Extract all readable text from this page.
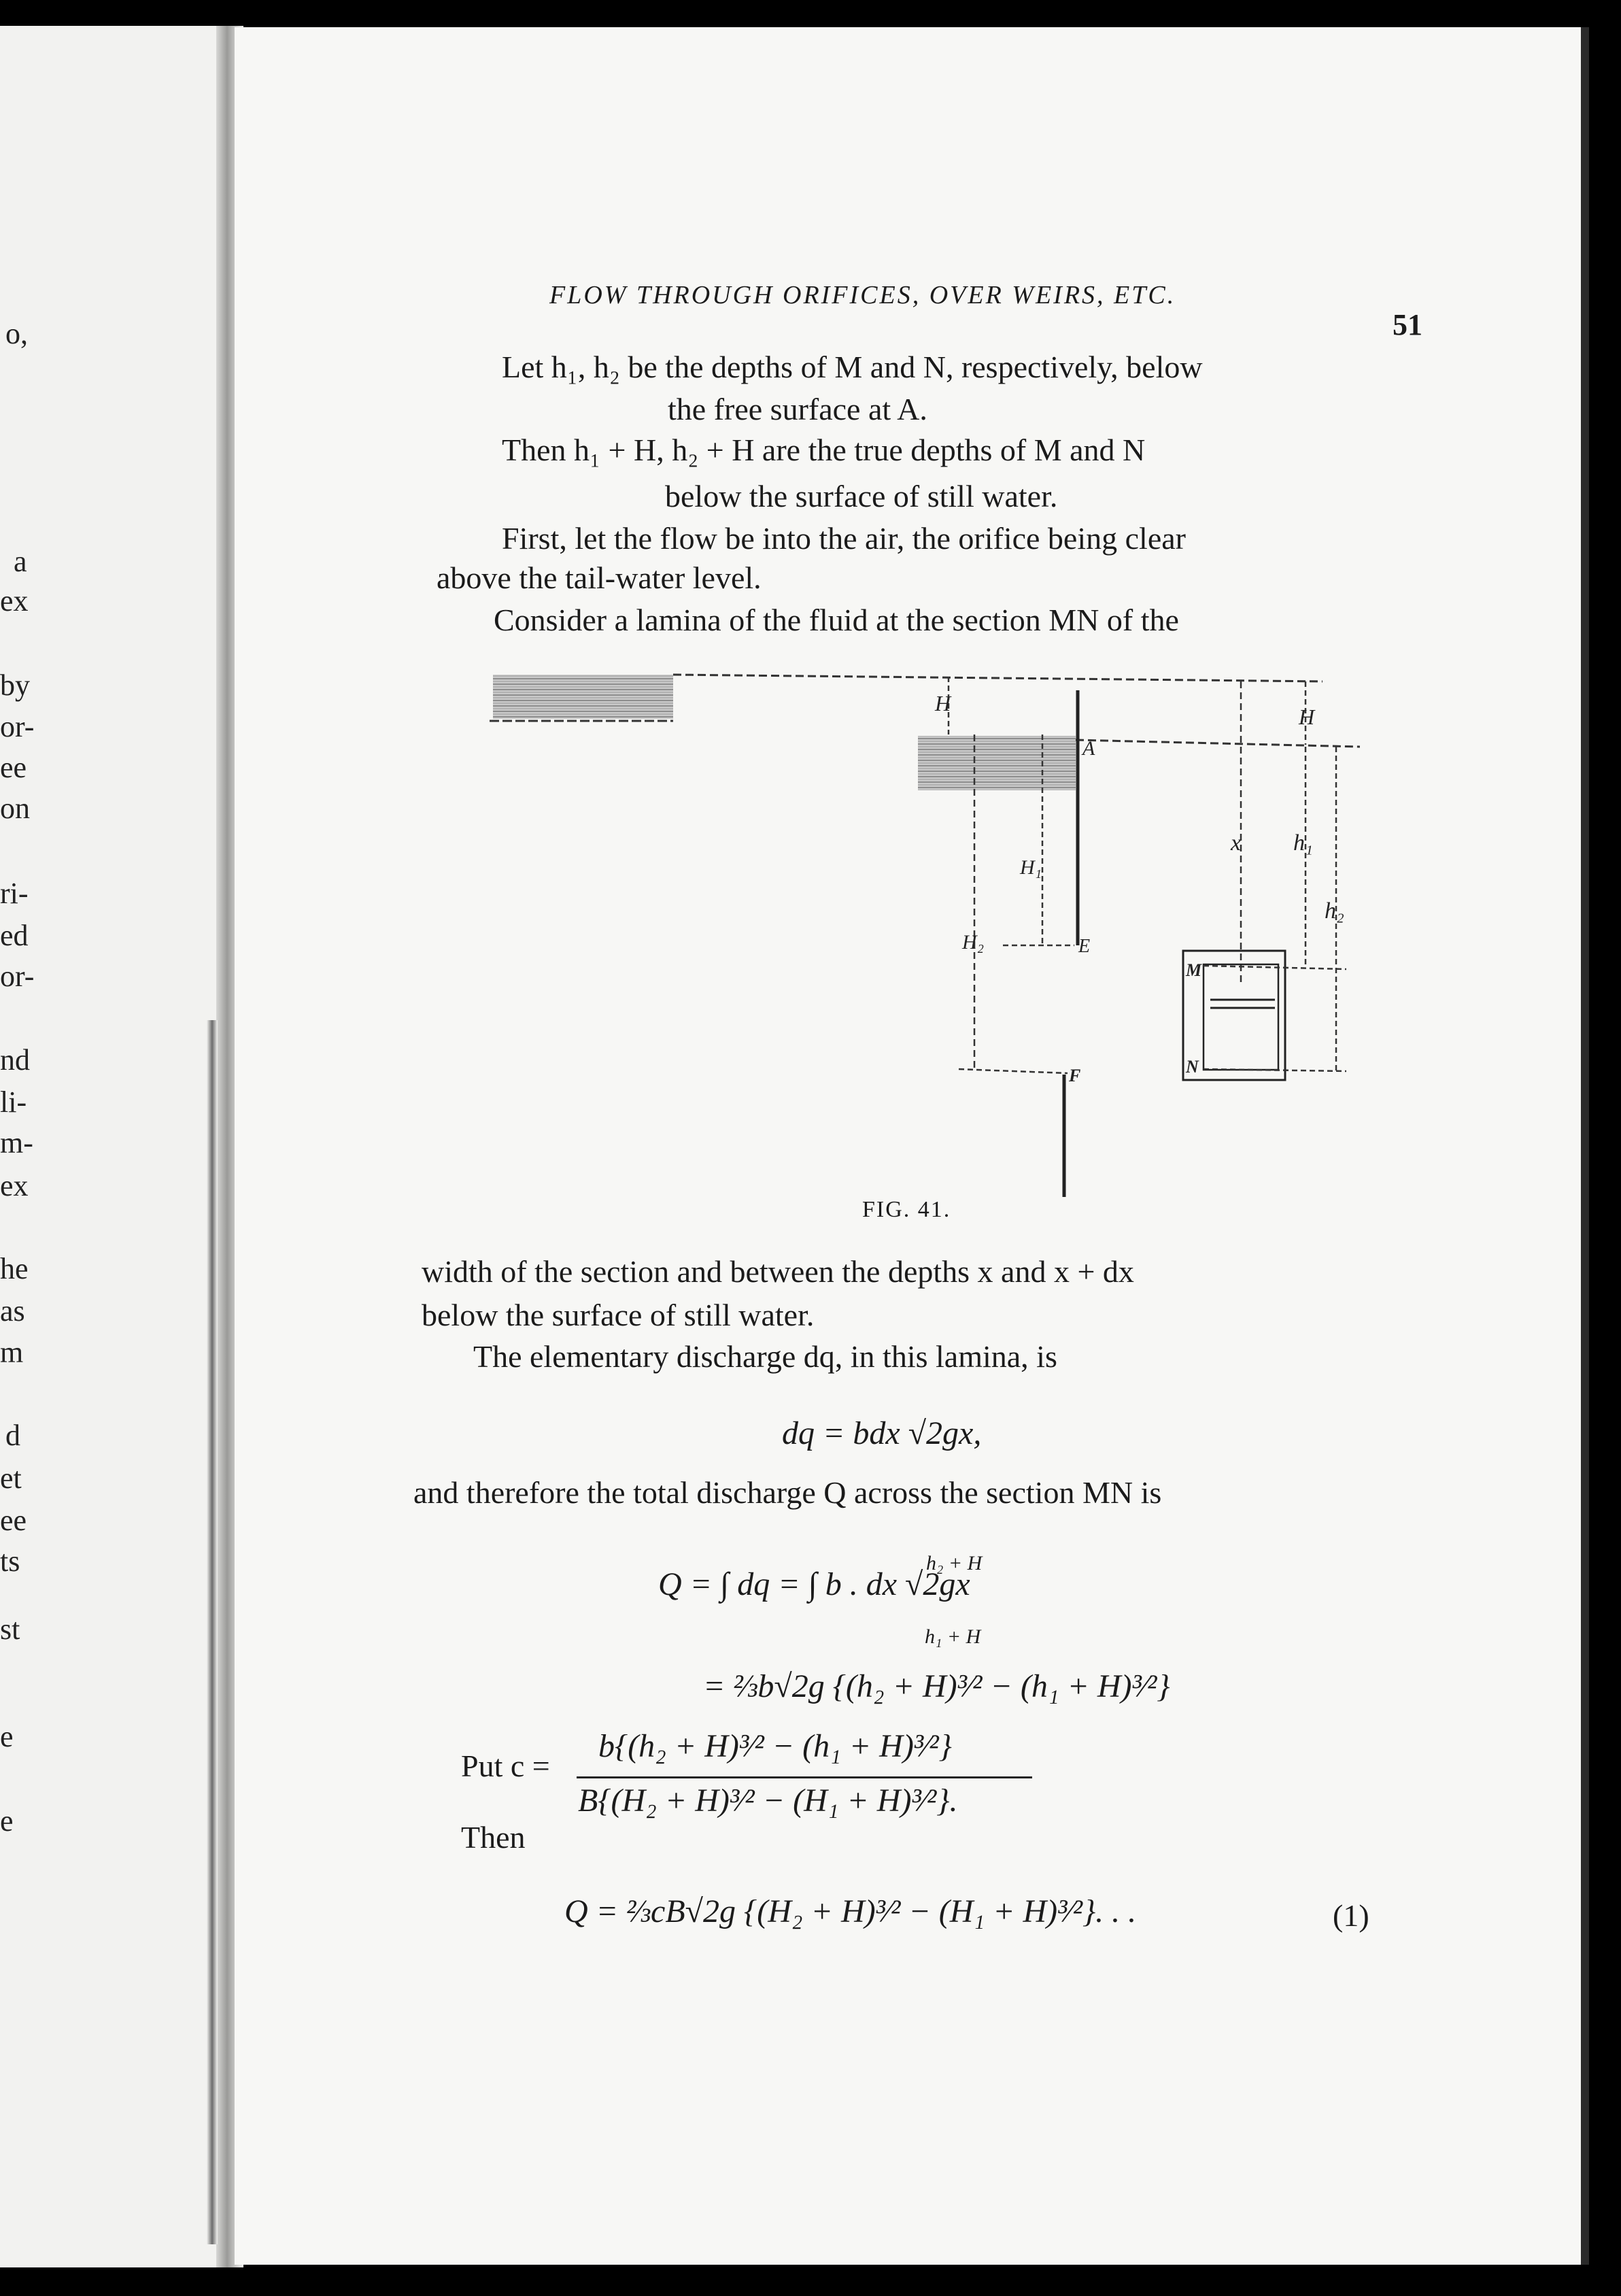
o,
a
ex
by
or-
ee
on
ri-
ed
or-
nd
li-
m-
ex
he
as
m
d
et
ee
ts
st
e
e
FLOW THROUGH ORIFICES, OVER WEIRS, ETC.
51
Let h₁, h₂ be the depths of M and N, respectively, below
the free surface at A.
Then h₁ + H, h₂ + H are the true depths of M and N
below the surface of still water.
First, let the flow be into the air, the orifice being clear
above the tail-water level.
Consider a lamina of the fluid at the section MN of the
H
H
A
H₁
H₂	E
F
x h₁
h₂
M
N
FIG. 41.
width of the section and between the depths x and x + dx
below the surface of still water.
The elementary discharge dq, in this lamina, is
dq = bdx √2gx,
and therefore the total discharge Q across the section MN is
Q = ∫ dq = ∫ b . dx √2gx
h₂ + H
h₁ + H
= ⅔b√2g {(h₂ + H)³⁄² − (h₁ + H)³⁄²}
Put c =
b{(h₂ + H)³⁄² − (h₁ + H)³⁄²}
B{(H₂ + H)³⁄² − (H₁ + H)³⁄²}.
Then
Q = ⅔cB√2g {(H₂ + H)³⁄² − (H₁ + H)³⁄²}. . .	(1)
